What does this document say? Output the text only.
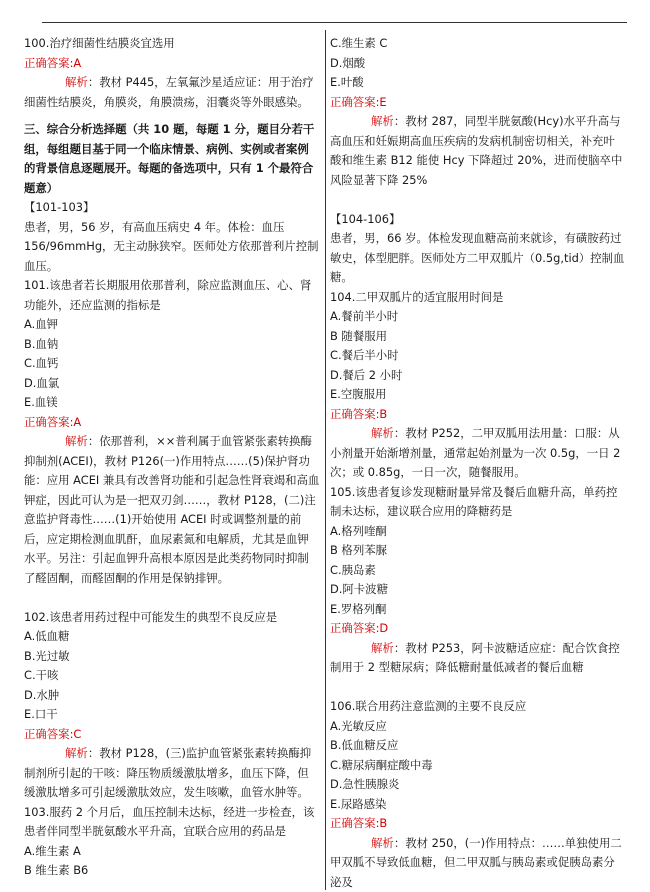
100.治疗细菌性结膜炎宜选用
正确答案:A
解析：教材 P445，左氧氟沙星适应证：用于治疗细菌性结膜炎，角膜炎，角膜溃疡，泪囊炎等外眼感染。
三、综合分析选择题（共 10 题，每题 1 分，题目分若干组，每组题目基于同一个临床情景、病例、实例或者案例的背景信息逐题展开。每题的备选项中，只有 1 个最符合题意）
【101-103】
患者，男，56 岁，有高血压病史 4 年。体检：血压 156/96mmHg，无主动脉狭窄。医师处方依那普利片控制血压。
101.该患者若长期服用依那普利，除应监测血压、心、肾功能外，还应监测的指标是
A.血钾
B.血钠
C.血钙
D.血氯
E.血镁
正确答案:A
解析：依那普利，××普利属于血管紧张素转换酶抑制剂(ACEI)，教材 P126(一)作用特点……(5)保护肾功能：应用 ACEI 兼具有改善肾功能和引起急性肾衰竭和高血钾症，因此可认为是一把双刃剑……，教材 P128，(二)注意监护肾毒性……(1)开始使用 ACEI 时或调整剂量的前后，应定期检测血肌酐，血尿素氮和电解质，尤其是血钾水平。另注：引起血钾升高根本原因是此类药物同时抑制了醛固酮，而醛固酮的作用是保钠排钾。
102.该患者用药过程中可能发生的典型不良反应是
A.低血糖
B.光过敏
C.干咳
D.水肿
E.口干
正确答案:C
解析：教材 P128，(三)监护血管紧张素转换酶抑制剂所引起的干咳：降压物质缓激肽增多，血压下降，但缓激肽增多可引起缓激肽效应，发生咳嗽，血管水肿等。
103.服药 2 个月后，血压控制未达标，经进一步检查，该患者伴同型半胱氨酸水平升高，宜联合应用的药品是
A.维生素 A
B 维生素 B6
C.维生素 C
D.烟酸
E.叶酸
正确答案:E
解析：教材 287，同型半胱氨酸(Hcy)水平升高与高血压和妊娠期高血压疾病的发病机制密切相关，补充叶酸和维生素 B12 能使 Hcy 下降超过 20%，进而使脑卒中风险显著下降 25%
【104-106】
患者，男，66 岁。体检发现血糖高前来就诊，有磺胺药过敏史，体型肥胖。医师处方二甲双胍片（0.5g,tid）控制血糖。
104.二甲双胍片的适宜服用时间是
A.餐前半小时
B 随餐服用
C.餐后半小时
D.餐后 2 小时
E.空腹服用
正确答案:B
解析：教材 P252，二甲双胍用法用量：口服：从小剂量开始渐增剂量，通常起始剂量为一次 0.5g，一日 2 次；或 0.85g，一日一次，随餐服用。
105.该患者复诊发现糖耐量异常及餐后血糖升高，单药控制未达标，建议联合应用的降糖药是
A.格列喹酮
B 格列苯脲
C.胰岛素
D.阿卡波糖
E.罗格列酮
正确答案:D
解析：教材 P253，阿卡波糖适应症：配合饮食控制用于 2 型糖尿病；降低糖耐量低减者的餐后血糖
106.联合用药注意监测的主要不良反应
A.光敏反应
B.低血糖反应
C.糖尿病酮症酸中毒
D.急性胰腺炎
E.尿路感染
正确答案:B
解析：教材 250，(一)作用特点：……单独使用二甲双胍不导致低血糖，但二甲双胍与胰岛素或促胰岛素分泌及
